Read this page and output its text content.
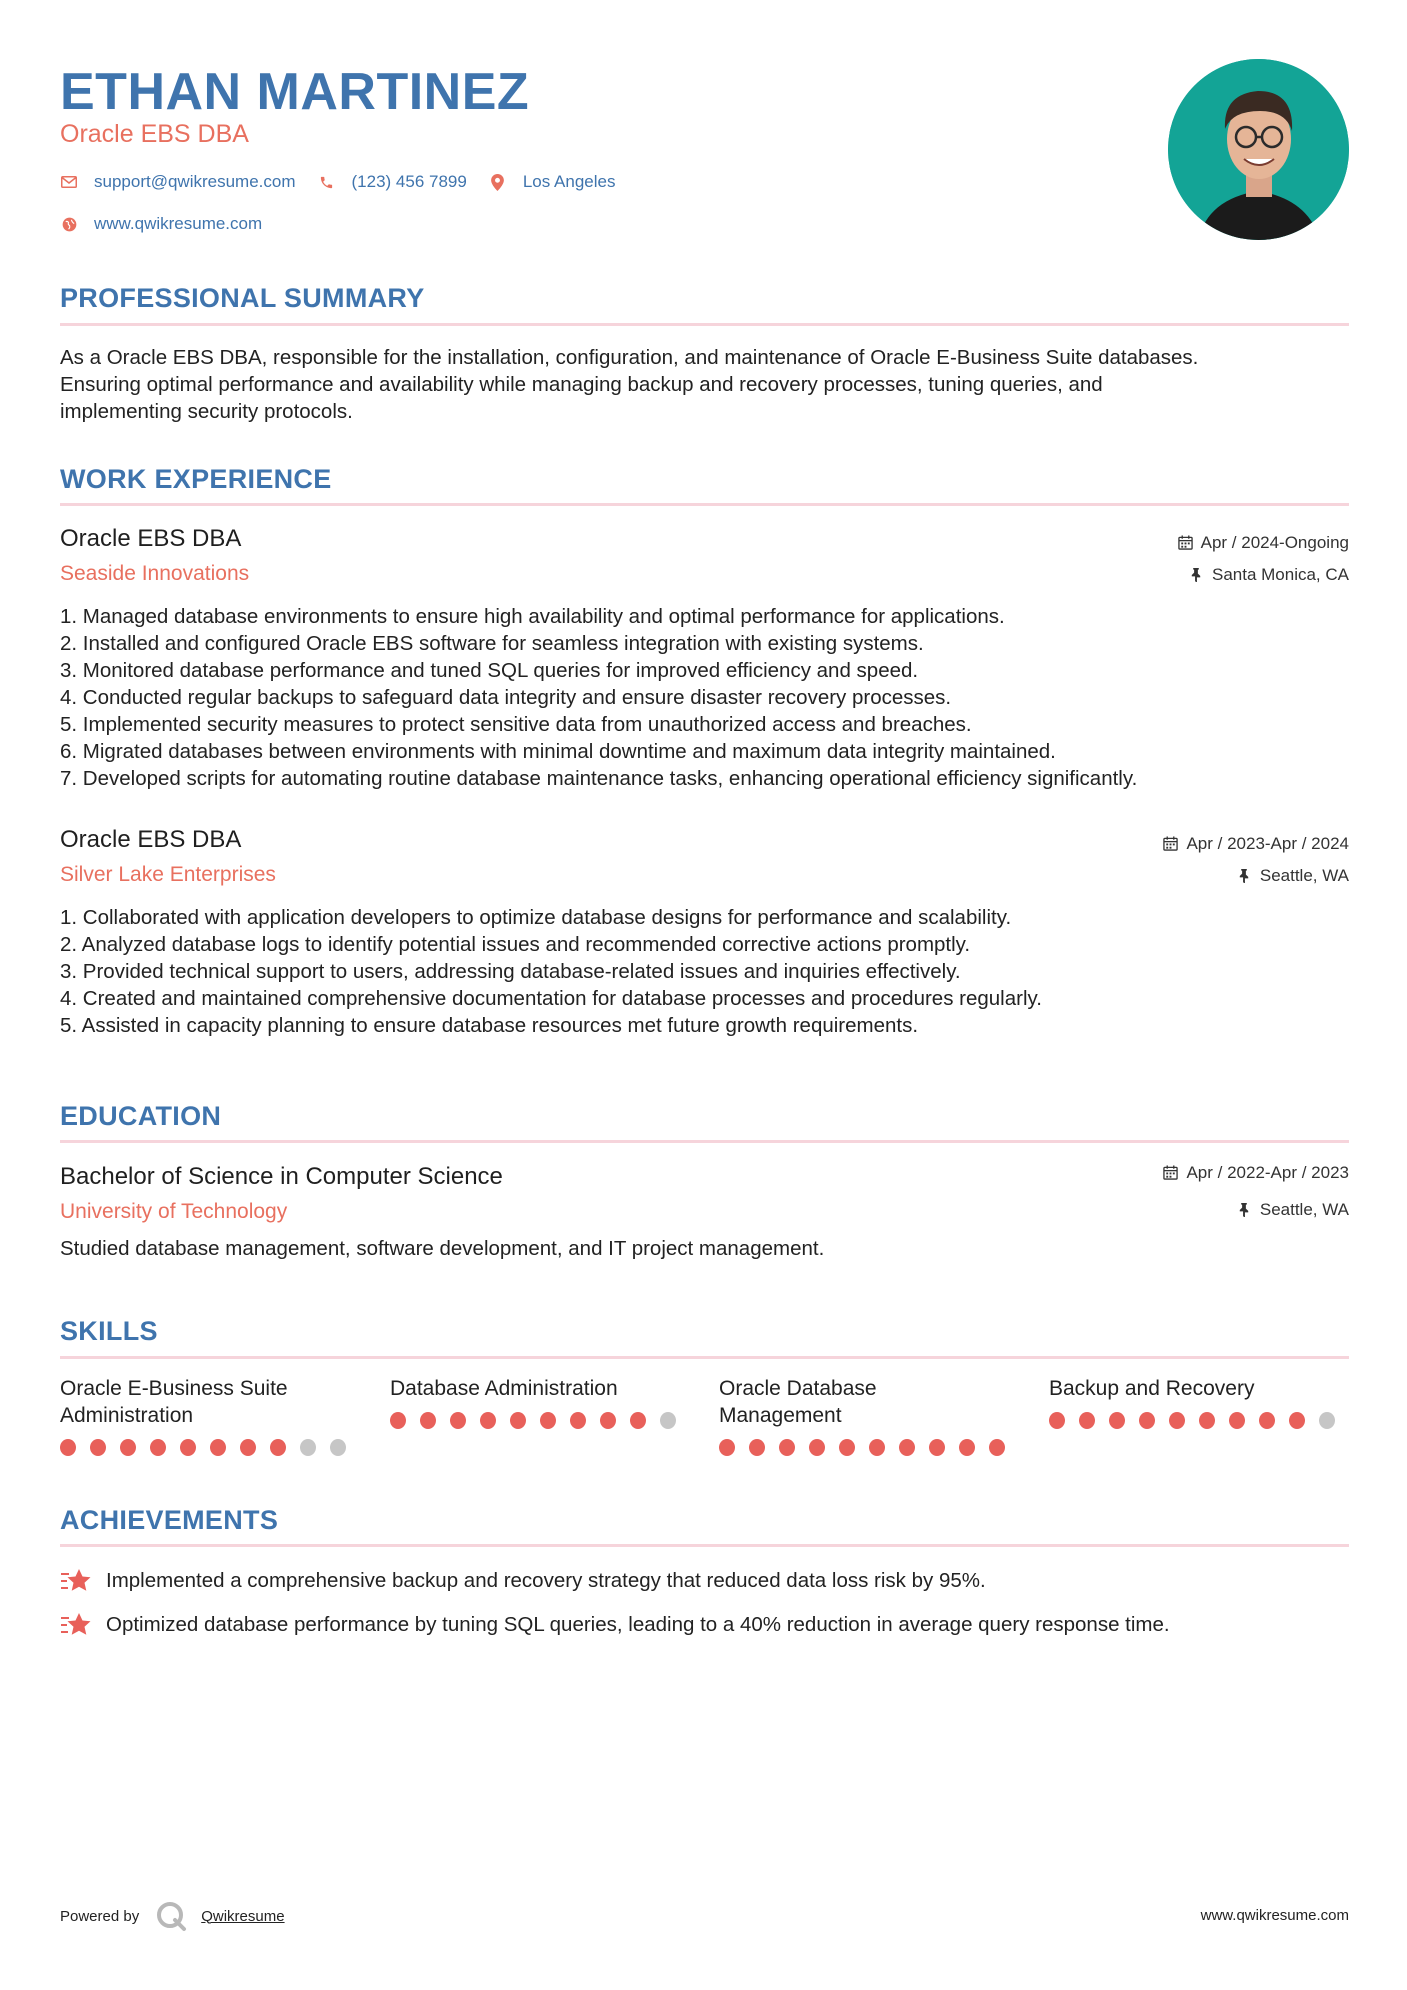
ETHAN MARTINEZ
Oracle EBS DBA
support@qwikresume.com	(123) 456 7899	Los Angeles
www.qwikresume.com
PROFESSIONAL SUMMARY
As a Oracle EBS DBA, responsible for the installation, configuration, and maintenance of Oracle E-Business Suite databases.
Ensuring optimal performance and availability while managing backup and recovery processes, tuning queries, and
implementing security protocols.
WORK EXPERIENCE
Oracle EBS DBA
Seaside Innovations
Apr / 2024-Ongoing
Santa Monica, CA
1. Managed database environments to ensure high availability and optimal performance for applications.
2. Installed and configured Oracle EBS software for seamless integration with existing systems.
3. Monitored database performance and tuned SQL queries for improved efficiency and speed.
4. Conducted regular backups to safeguard data integrity and ensure disaster recovery processes.
5. Implemented security measures to protect sensitive data from unauthorized access and breaches.
6. Migrated databases between environments with minimal downtime and maximum data integrity maintained.
7. Developed scripts for automating routine database maintenance tasks, enhancing operational efficiency significantly.
Oracle EBS DBA
Silver Lake Enterprises
Apr / 2023-Apr / 2024
Seattle, WA
1. Collaborated with application developers to optimize database designs for performance and scalability.
2. Analyzed database logs to identify potential issues and recommended corrective actions promptly.
3. Provided technical support to users, addressing database-related issues and inquiries effectively.
4. Created and maintained comprehensive documentation for database processes and procedures regularly.
5. Assisted in capacity planning to ensure database resources met future growth requirements.
EDUCATION
Bachelor of Science in Computer Science
University of Technology
Apr / 2022-Apr / 2023
Seattle, WA
Studied database management, software development, and IT project management.
SKILLS
Oracle E-Business Suite
Administration
Database Administration	Oracle Database
Management
Backup and Recovery
ACHIEVEMENTS
Implemented a comprehensive backup and recovery strategy that reduced data loss risk by 95%.
Optimized database performance by tuning SQL queries, leading to a 40% reduction in average query response time.
Powered by	Qwikresume	www.qwikresume.com
